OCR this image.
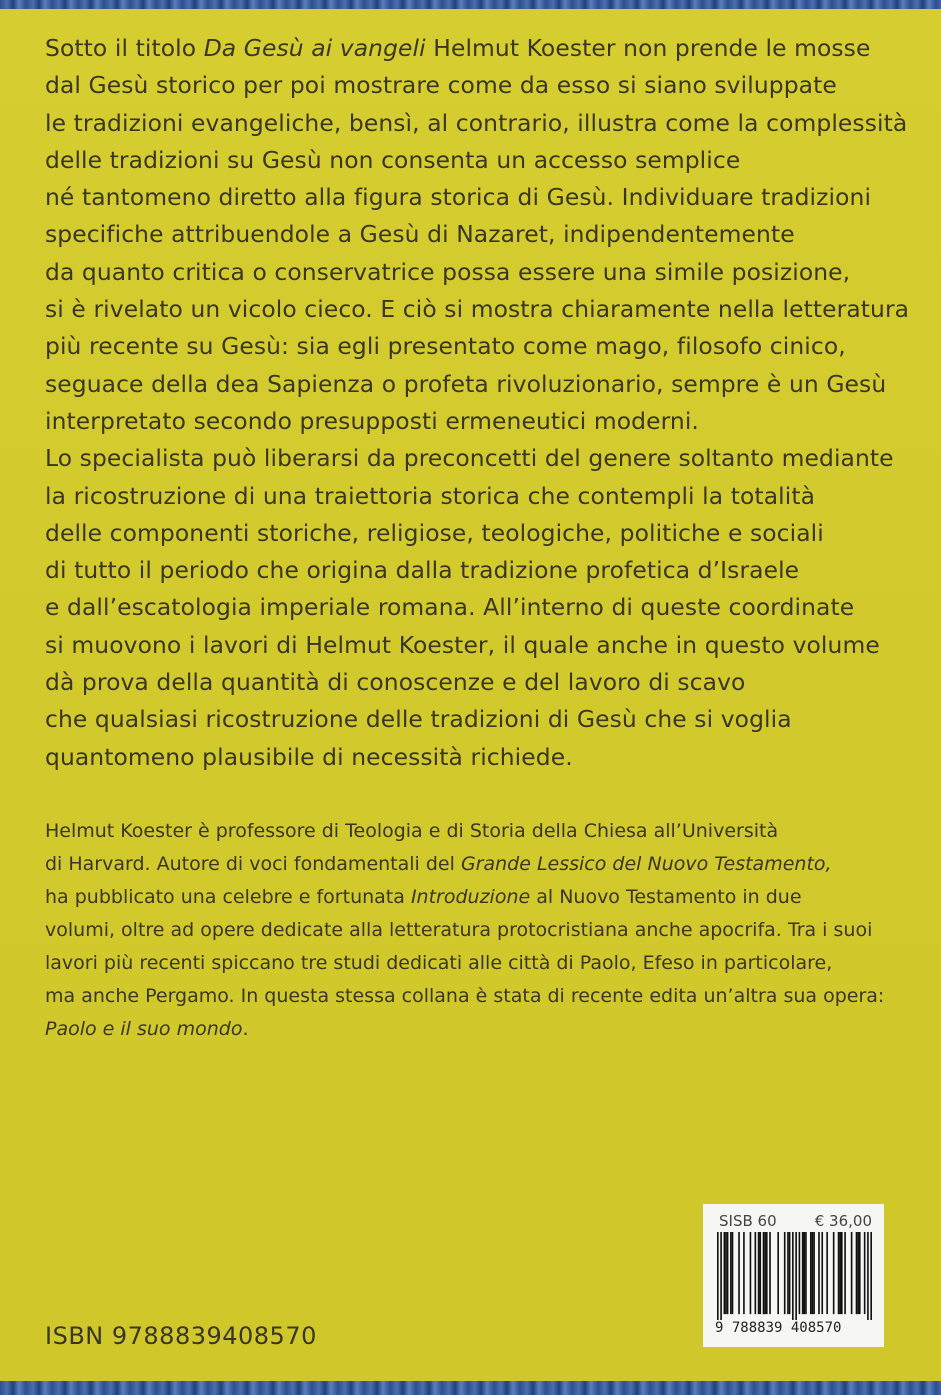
Sotto il titolo Da Gesù ai vangeli Helmut Koester non prende le mosse
dal Gesù storico per poi mostrare come da esso si siano sviluppate
le tradizioni evangeliche, bensì, al contrario, illustra come la complessità
delle tradizioni su Gesù non consenta un accesso semplice
né tantomeno diretto alla figura storica di Gesù. Individuare tradizioni
specifiche attribuendole a Gesù di Nazaret, indipendentemente
da quanto critica o conservatrice possa essere una simile posizione,
si è rivelato un vicolo cieco. E ciò si mostra chiaramente nella letteratura
più recente su Gesù: sia egli presentato come mago, filosofo cinico,
seguace della dea Sapienza o profeta rivoluzionario, sempre è un Gesù
interpretato secondo presupposti ermeneutici moderni.
Lo specialista può liberarsi da preconcetti del genere soltanto mediante
la ricostruzione di una traiettoria storica che contempli la totalità
delle componenti storiche, religiose, teologiche, politiche e sociali
di tutto il periodo che origina dalla tradizione profetica d’Israele
e dall’escatologia imperiale romana. All’interno di queste coordinate
si muovono i lavori di Helmut Koester, il quale anche in questo volume
dà prova della quantità di conoscenze e del lavoro di scavo
che qualsiasi ricostruzione delle tradizioni di Gesù che si voglia
quantomeno plausibile di necessità richiede.
Helmut Koester è professore di Teologia e di Storia della Chiesa all’Università
di Harvard. Autore di voci fondamentali del Grande Lessico del Nuovo Testamento,
ha pubblicato una celebre e fortunata Introduzione al Nuovo Testamento in due
volumi, oltre ad opere dedicate alla letteratura protocristiana anche apocrifa. Tra i suoi
lavori più recenti spiccano tre studi dedicati alle città di Paolo, Efeso in particolare,
ma anche Pergamo. In questa stessa collana è stata di recente edita un’altra sua opera:
Paolo e il suo mondo.
ISBN 9788839408570
SISB 60	€ 36,00
9 788839 408570
